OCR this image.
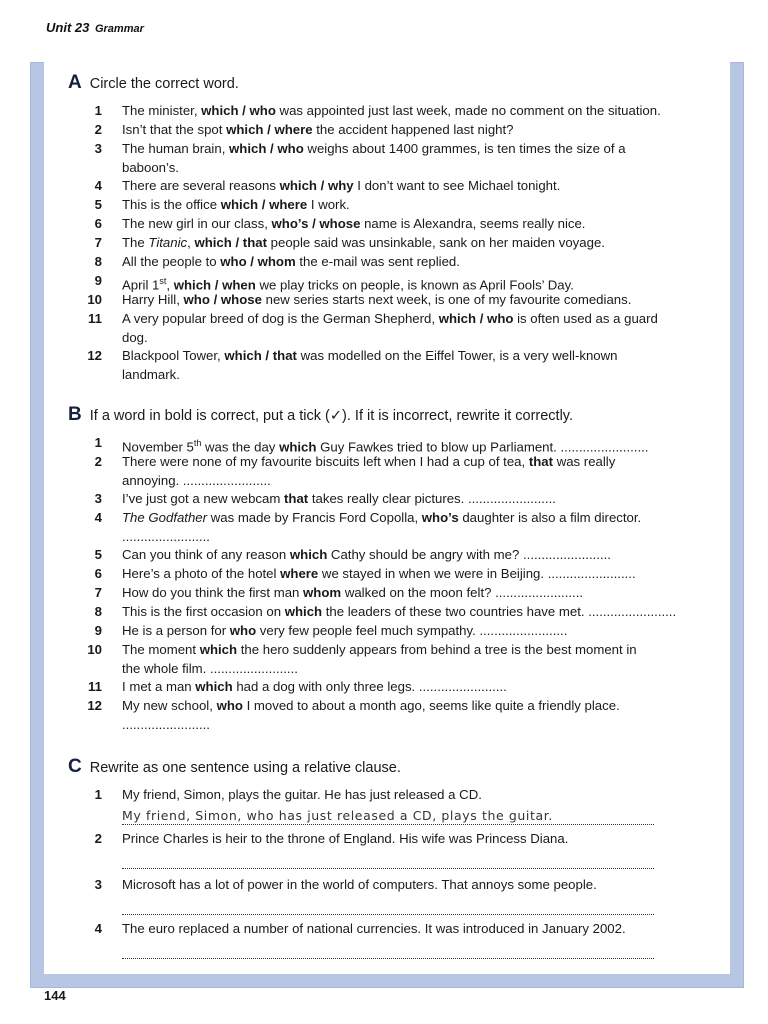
Unit 23 Grammar
A Circle the correct word.
1 The minister, which / who was appointed just last week, made no comment on the situation.
2 Isn’t that the spot which / where the accident happened last night?
3 The human brain, which / who weighs about 1400 grammes, is ten times the size of a
baboon’s.
4 There are several reasons which / why I don’t want to see Michael tonight.
5 This is the office which / where I work.
6 The new girl in our class, who’s / whose name is Alexandra, seems really nice.
7 The Titanic, which / that people said was unsinkable, sank on her maiden voyage.
8 All the people to who / whom the e-mail was sent replied.
9 April 1st, which / when we play tricks on people, is known as April Fools’ Day.
10 Harry Hill, who / whose new series starts next week, is one of my favourite comedians.
11 A very popular breed of dog is the German Shepherd, which / who is often used as a guard
dog.
12 Blackpool Tower, which / that was modelled on the Eiffel Tower, is a very well-known
landmark.
B If a word in bold is correct, put a tick (✓). If it is incorrect, rewrite it correctly.
1 November 5th was the day which Guy Fawkes tried to blow up Parliament. ........................
2 There were none of my favourite biscuits left when I had a cup of tea, that was really
annoying. ........................
3 I’ve just got a new webcam that takes really clear pictures. ........................
4 The Godfather was made by Francis Ford Copolla, who’s daughter is also a film director.
........................
5 Can you think of any reason which Cathy should be angry with me? ........................
6 Here’s a photo of the hotel where we stayed in when we were in Beijing. ........................
7 How do you think the first man whom walked on the moon felt? ........................
8 This is the first occasion on which the leaders of these two countries have met. ........................
9 He is a person for who very few people feel much sympathy. ........................
10 The moment which the hero suddenly appears from behind a tree is the best moment in
the whole film. ........................
11 I met a man which had a dog with only three legs. ........................
12 My new school, who I moved to about a month ago, seems like quite a friendly place.
........................
C Rewrite as one sentence using a relative clause.
1 My friend, Simon, plays the guitar. He has just released a CD.
My friend, Simon, who has just released a CD, plays the guitar.
2 Prince Charles is heir to the throne of England. His wife was Princess Diana.
3 Microsoft has a lot of power in the world of computers. That annoys some people.
4 The euro replaced a number of national currencies. It was introduced in January 2002.
144
